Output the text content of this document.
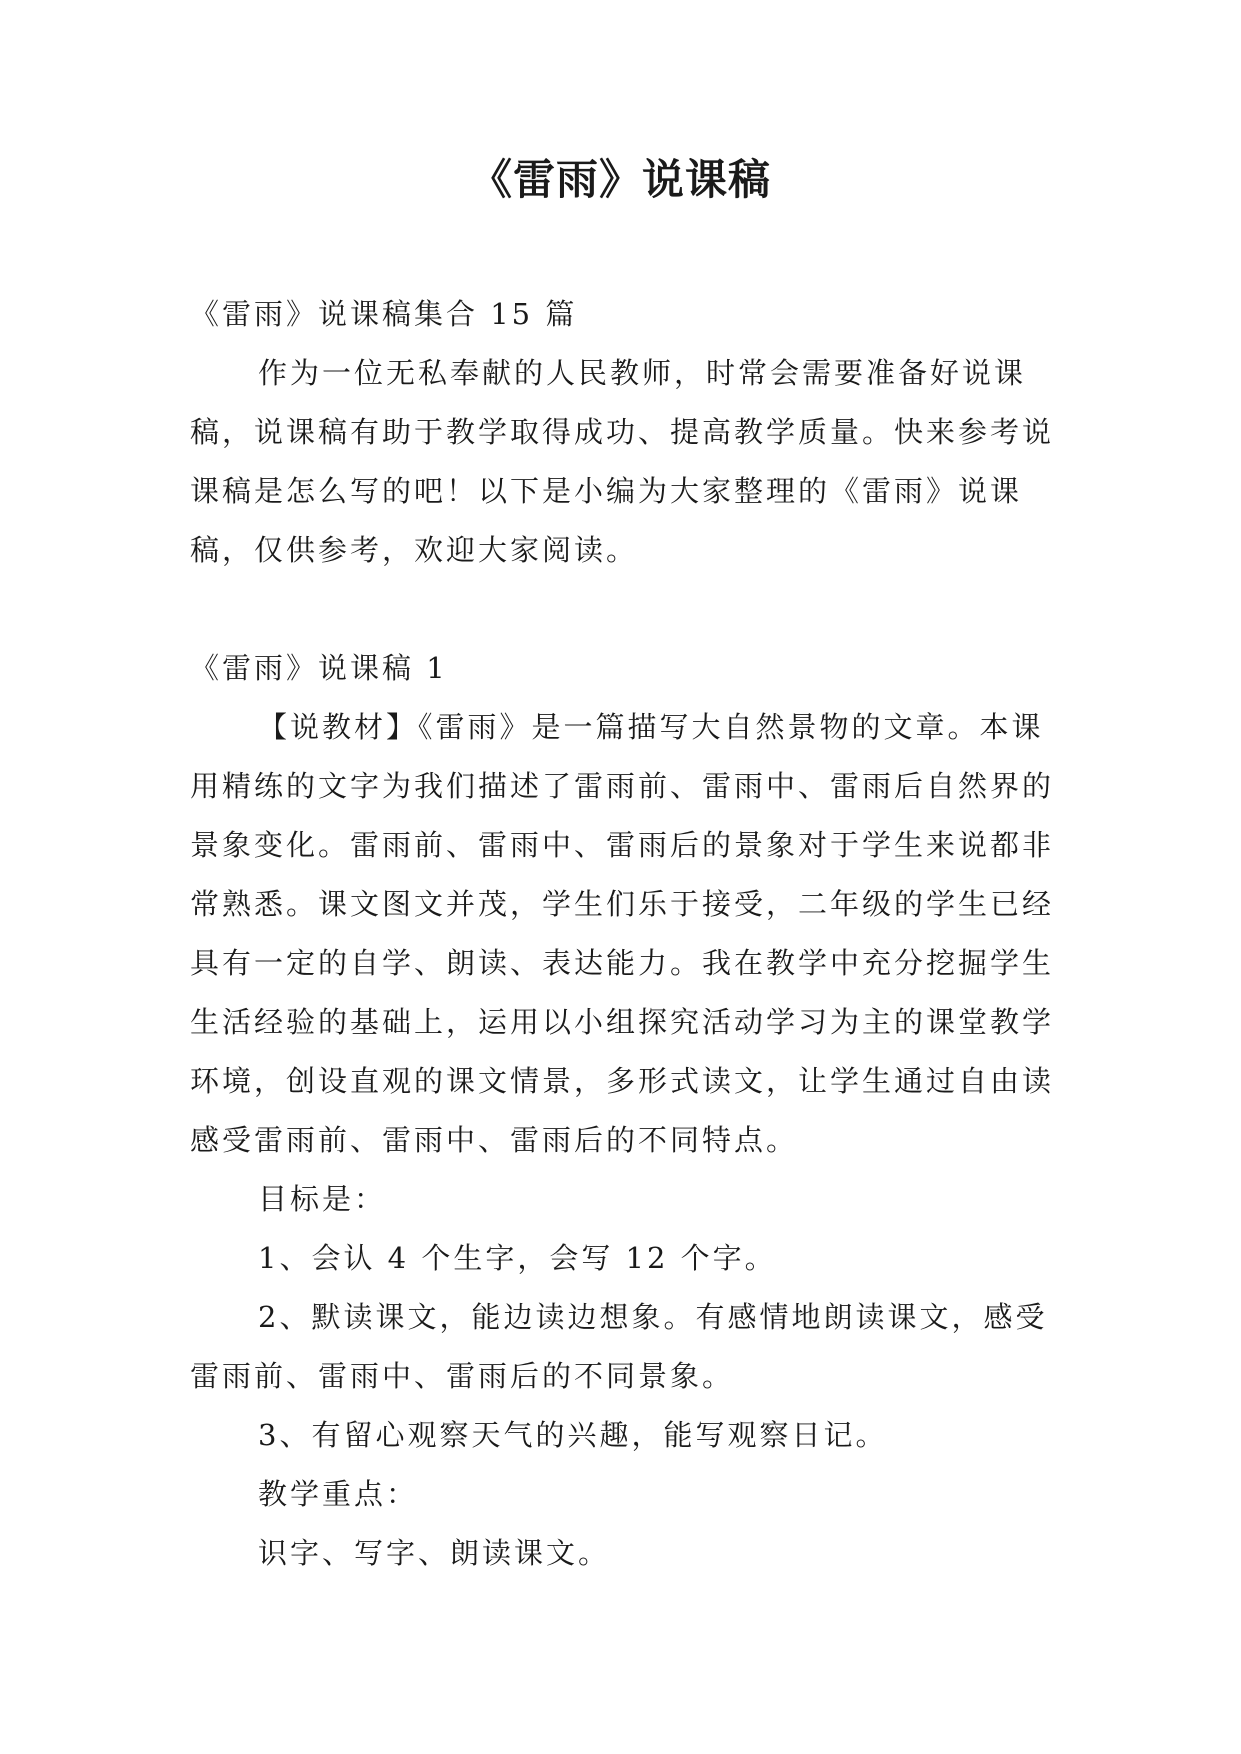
《雷雨》说课稿

《雷雨》说课稿集合 15 篇

作为一位无私奉献的人民教师，时常会需要准备好说课稿，说课稿有助于教学取得成功、提高教学质量。快来参考说课稿是怎么写的吧！以下是小编为大家整理的《雷雨》说课稿，仅供参考，欢迎大家阅读。

《雷雨》说课稿 1

【说教材】《雷雨》是一篇描写大自然景物的文章。本课用精练的文字为我们描述了雷雨前、雷雨中、雷雨后自然界的景象变化。雷雨前、雷雨中、雷雨后的景象对于学生来说都非常熟悉。课文图文并茂，学生们乐于接受，二年级的学生已经具有一定的自学、朗读、表达能力。我在教学中充分挖掘学生生活经验的基础上，运用以小组探究活动学习为主的课堂教学环境，创设直观的课文情景，多形式读文，让学生通过自由读感受雷雨前、雷雨中、雷雨后的不同特点。

目标是：

1、会认 4 个生字，会写 12 个字。

2、默读课文，能边读边想象。有感情地朗读课文，感受雷雨前、雷雨中、雷雨后的不同景象。

3、有留心观察天气的兴趣，能写观察日记。

教学重点：

识字、写字、朗读课文。
